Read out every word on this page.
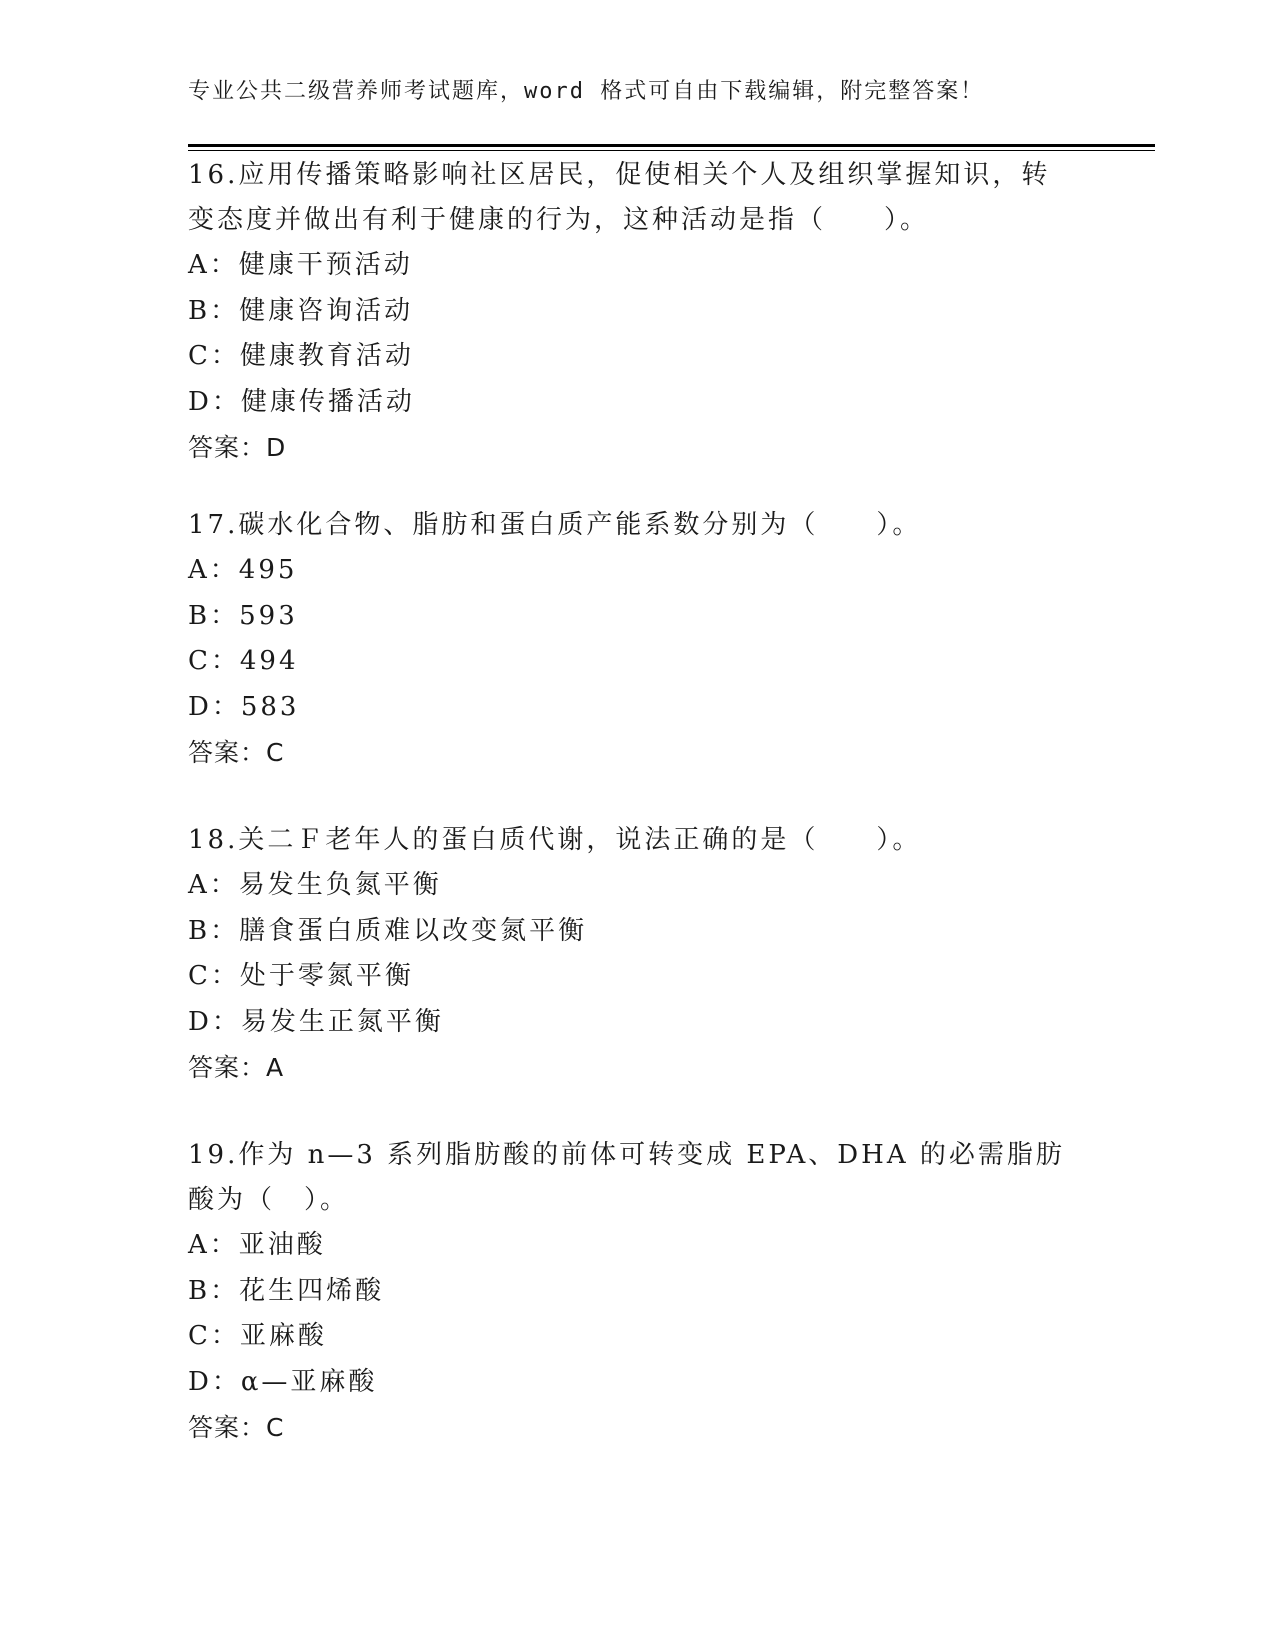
专业公共二级营养师考试题库，word 格式可自由下载编辑，附完整答案！

16.应用传播策略影响社区居民，促使相关个人及组织掌握知识，转变态度并做出有利于健康的行为，这种活动是指（　　）。

A：健康干预活动

B：健康咨询活动

C：健康教育活动

D：健康传播活动

答案：D

17.碳水化合物、脂肪和蛋白质产能系数分别为（　　）。

A：495

B：593

C：494

D：583

答案：C

18.关二Ｆ老年人的蛋白质代谢，说法正确的是（　　）。

A：易发生负氮平衡

B：膳食蛋白质难以改变氮平衡

C：处于零氮平衡

D：易发生正氮平衡

答案：A

19.作为 n—3 系列脂肪酸的前体可转变成 EPA、DHA 的必需脂肪酸为（　）。

A：亚油酸

B：花生四烯酸

C：亚麻酸

D：α—亚麻酸

答案：C
